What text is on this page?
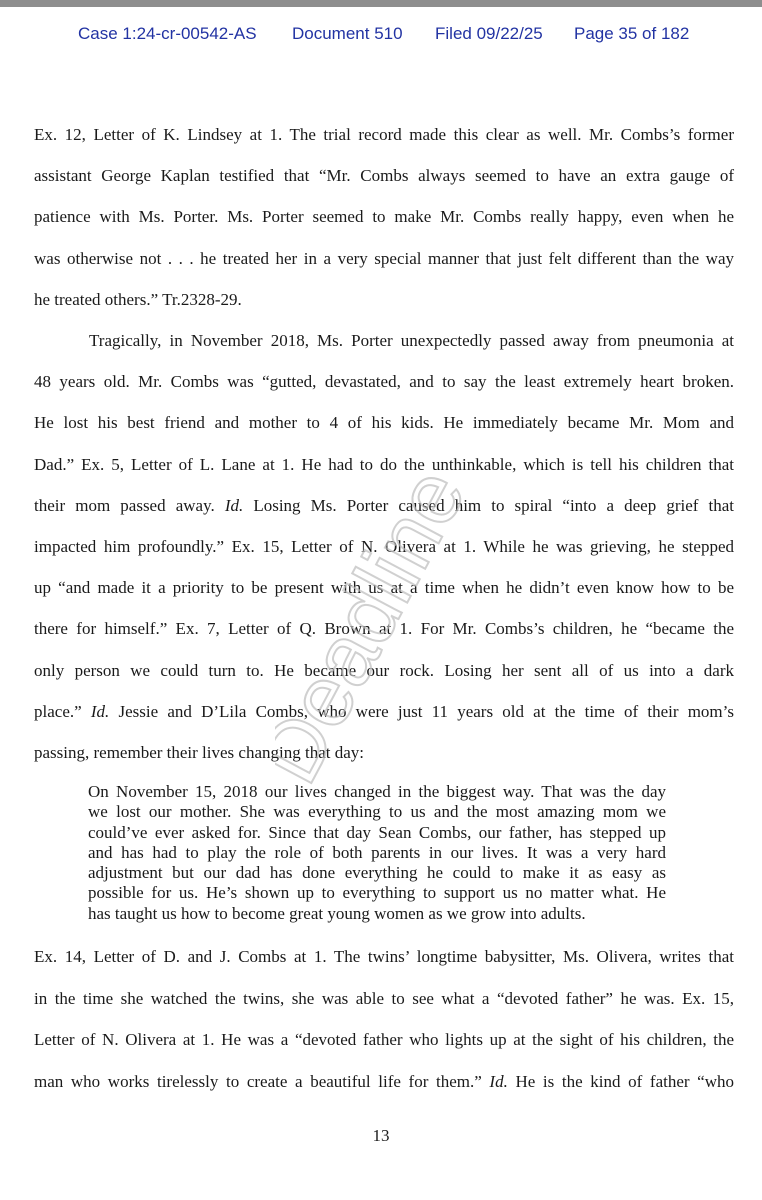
Case 1:24-cr-00542-AS Document 510 Filed 09/22/25 Page 35 of 182
Ex. 12, Letter of K. Lindsey at 1. The trial record made this clear as well. Mr. Combs’s former
assistant George Kaplan testified that “Mr. Combs always seemed to have an extra gauge of
patience with Ms. Porter. Ms. Porter seemed to make Mr. Combs really happy, even when he
was otherwise not . . . he treated her in a very special manner that just felt different than the way
he treated others.” Tr.2328-29.
Tragically, in November 2018, Ms. Porter unexpectedly passed away from pneumonia at
48 years old. Mr. Combs was “gutted, devastated, and to say the least extremely heart broken.
He lost his best friend and mother to 4 of his kids. He immediately became Mr. Mom and
Dad.” Ex. 5, Letter of L. Lane at 1. He had to do the unthinkable, which is tell his children that
their mom passed away. Id. Losing Ms. Porter caused him to spiral “into a deep grief that
impacted him profoundly.” Ex. 15, Letter of N. Olivera at 1. While he was grieving, he stepped
up “and made it a priority to be present with us at a time when he didn’t even know how to be
there for himself.” Ex. 7, Letter of Q. Brown at 1. For Mr. Combs’s children, he “became the
only person we could turn to. He became our rock. Losing her sent all of us into a dark
place.” Id. Jessie and D’Lila Combs, who were just 11 years old at the time of their mom’s
passing, remember their lives changing that day:
On November 15, 2018 our lives changed in the biggest way. That was the day
we lost our mother. She was everything to us and the most amazing mom we
could’ve ever asked for. Since that day Sean Combs, our father, has stepped up
and has had to play the role of both parents in our lives. It was a very hard
adjustment but our dad has done everything he could to make it as easy as
possible for us. He’s shown up to everything to support us no matter what. He
has taught us how to become great young women as we grow into adults.
Ex. 14, Letter of D. and J. Combs at 1. The twins’ longtime babysitter, Ms. Olivera, writes that
in the time she watched the twins, she was able to see what a “devoted father” he was. Ex. 15,
Letter of N. Olivera at 1. He was a “devoted father who lights up at the sight of his children, the
man who works tirelessly to create a beautiful life for them.” Id. He is the kind of father “who
13
Deadline
